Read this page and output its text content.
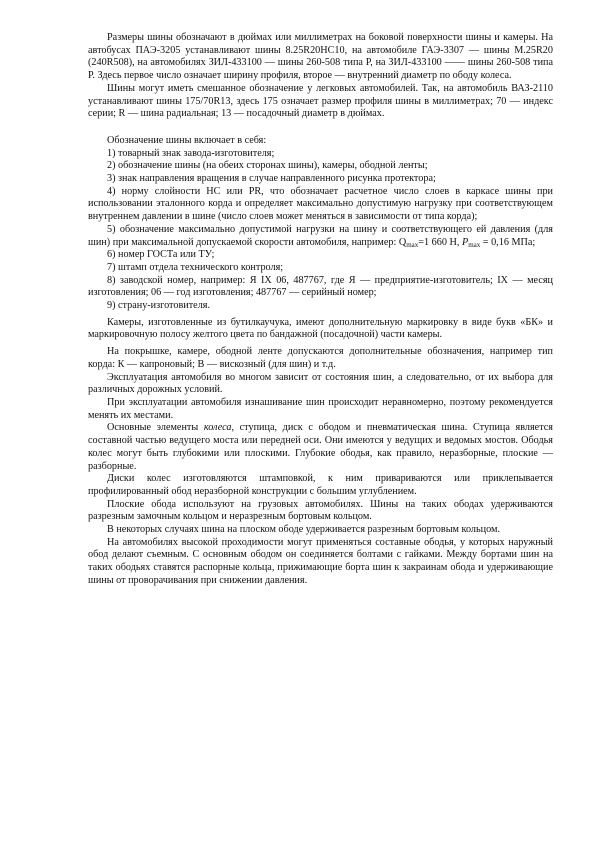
Размеры шины обозначают в дюймах или миллиметрах на боковой поверхности шины и камеры. На автобусах ПАЭ-3205 устанавливают шины 8.25R20НС10, на автомобиле ГАЭ-3307 — шины М.25R20 (240R508), на автомобилях ЗИЛ-433100 — шины 260-508 типа Р, на ЗИЛ-433100 —— шины 260-508 типа Р. Здесь первое число означает ширину профиля, второе — внутренний диаметр по ободу колеса.

Шины могут иметь смешанное обозначение у легковых автомобилей. Так, на автомобиль ВАЗ-2110 устанавливают шины 175/70R13, здесь 175 означает размер профиля шины в миллиметрах; 70 — индекс серии; R — шина радиальная; 13 — посадочный диаметр в дюймах.

Обозначение шины включает в себя:

1) товарный знак завода-изготовителя;

2) обозначение шины (на обеих сторонах шины), камеры, ободной ленты;

3) знак направления вращения в случае направленного рисунка протектора;

4) норму слойности НС или PR, что обозначает расчетное число слоев в каркасе шины при использовании эталонного корда и определяет максимально допустимую нагрузку при соответствующем внутреннем давлении в шине (число слоев может меняться в зависимости от типа корда);

5) обозначение максимально допустимой нагрузки на шину и соответствующего ей давления (для шин) при максимальной допускаемой скорости автомобиля, например: $Q_{max}=1$ 660 Н, $P_{max} = 0,16$ МПа;

6) номер ГОСТа или ТУ;

7) штамп отдела технического контроля;

8) заводской номер, например: Я IX 06, 487767, где Я — предприятие-изготовитель; IX — месяц изготовления; 06 — год изготовления; 487767 — серийный номер;

9) страну-изготовителя.

Камеры, изготовленные из бутилкаучука, имеют дополнительную маркировку в виде букв «БК» и маркировочную полосу желтого цвета по бандажной (посадочной) части камеры.

На покрышке, камере, ободной ленте допускаются дополнительные обозначения, например тип корда: К — капроновый; В — вискозный (для шин) и т.д.

Эксплуатация автомобиля во многом зависит от состояния шин, а следовательно, от их выбора для различных дорожных условий.

При эксплуатации автомобиля изнашивание шин происходит неравномерно, поэтому рекомендуется менять их местами.

Основные элементы колеса, ступица, диск с ободом и пневматическая шина. Ступица является составной частью ведущего моста или передней оси. Они имеются у ведущих и ведомых мостов. Ободья колес могут быть глубокими или плоскими. Глубокие ободья, как правило, неразборные, плоские — разборные.

Диски колес изготовляются штамповкой, к ним привариваются или приклепывается профилированный обод неразборной конструкции с большим углублением.

Плоские обода используют на грузовых автомобилях. Шины на таких ободах удерживаются разрезным замочным кольцом и неразрезным бортовым кольцом.

В некоторых случаях шина на плоском ободе удерживается разрезным бортовым кольцом.

На автомобилях высокой проходимости могут применяться составные ободья, у которых наружный обод делают съемным. С основным ободом он соединяется болтами с гайками. Между бортами шин на таких ободьях ставятся распорные кольца, прижимающие борта шин к закраинам обода и удерживающие шины от проворачивания при снижении давления.
